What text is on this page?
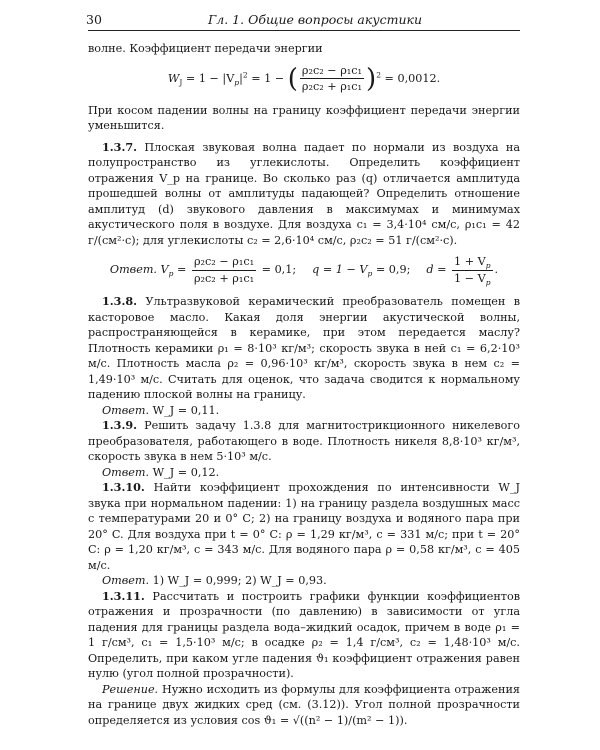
30	Гл. 1. Общие вопросы акустики

волне. Коэффициент передачи энергии

$W_J = 1 - |V_p|^2 = 1$ − ( $\frac{\text{ρ₂c₂ − ρ₁c₁}}{\text{ρ₂c₂ + ρ₁c₁}} )^2 = 0,0012$.

При косом падении волны на границу коэффициент передачи энергии уменьшится.

1.3.7. Плоская звуковая волна падает по нормали из воздуха на полупространство из углекислоты. Определить коэффициент отражения V_p на границе. Во сколько раз (q) отличается амплитуда прошедшей волны от амплитуды падающей? Определить отношение амплитуд (d) звукового давления в максимумах и минимумах акустического поля в воздухе. Для воздуха c₁ = 3,4·10⁴ см/с, ρ₁c₁ = 42 г/(см²·с); для углекислоты c₂ = 2,6·10⁴ см/с, ρ₂c₂ = 51 г/(см²·с).

Ответ. $V_p = \frac{\text{ρ₂c₂ − ρ₁c₁}}{\text{ρ₂c₂ + ρ₁c₁}} = 0,1$; $q = 1 - V_p = 0,9$; $d = \frac{1 + V_p}{1 - V_p}$ .

1.3.8. Ультразвуковой керамический преобразователь помещен в касторовое масло. Какая доля энергии акустической волны, распространяющейся в керамике, при этом передается маслу? Плотность керамики ρ₁ = 8·10³ кг/м³; скорость звука в ней c₁ = 6,2·10³ м/с. Плотность масла ρ₂ = 0,96·10³ кг/м³, скорость звука в нем c₂ = 1,49·10³ м/с. Считать для оценок, что задача сводится к нормальному падению плоской волны на границу.

Ответ. W_J = 0,11.

1.3.9. Решить задачу 1.3.8 для магнитострикционного никелевого преобразователя, работающего в воде. Плотность никеля 8,8·10³ кг/м³, скорость звука в нем 5·10³ м/с.

Ответ. W_J = 0,12.

1.3.10. Найти коэффициент прохождения по интенсивности W_J звука при нормальном падении: 1) на границу раздела воздушных масс с температурами 20 и 0° C; 2) на границу воздуха и водяного пара при 20° C. Для воздуха при t = 0° C: ρ = 1,29 кг/м³, c = 331 м/с; при t = 20° C: ρ = 1,20 кг/м³, c = 343 м/с. Для водяного пара ρ = 0,58 кг/м³, c = 405 м/с.

Ответ. 1) W_J = 0,999; 2) W_J = 0,93.

1.3.11. Рассчитать и построить графики функции коэффициентов отражения и прозрачности (по давлению) в зависимости от угла падения для границы раздела вода–жидкий осадок, причем в воде ρ₁ = 1 г/см³, c₁ = 1,5·10³ м/с; в осадке ρ₂ = 1,4 г/см³, c₂ = 1,48·10³ м/с. Определить, при каком угле падения ϑ₁ коэффициент отражения равен нулю (угол полной прозрачности).

Решение. Нужно исходить из формулы для коэффициента отражения на границе двух жидких сред (см. (3.12)). Угол полной прозрачности определяется из условия cos ϑ₁ = √((n² − 1)/(m² − 1)).
